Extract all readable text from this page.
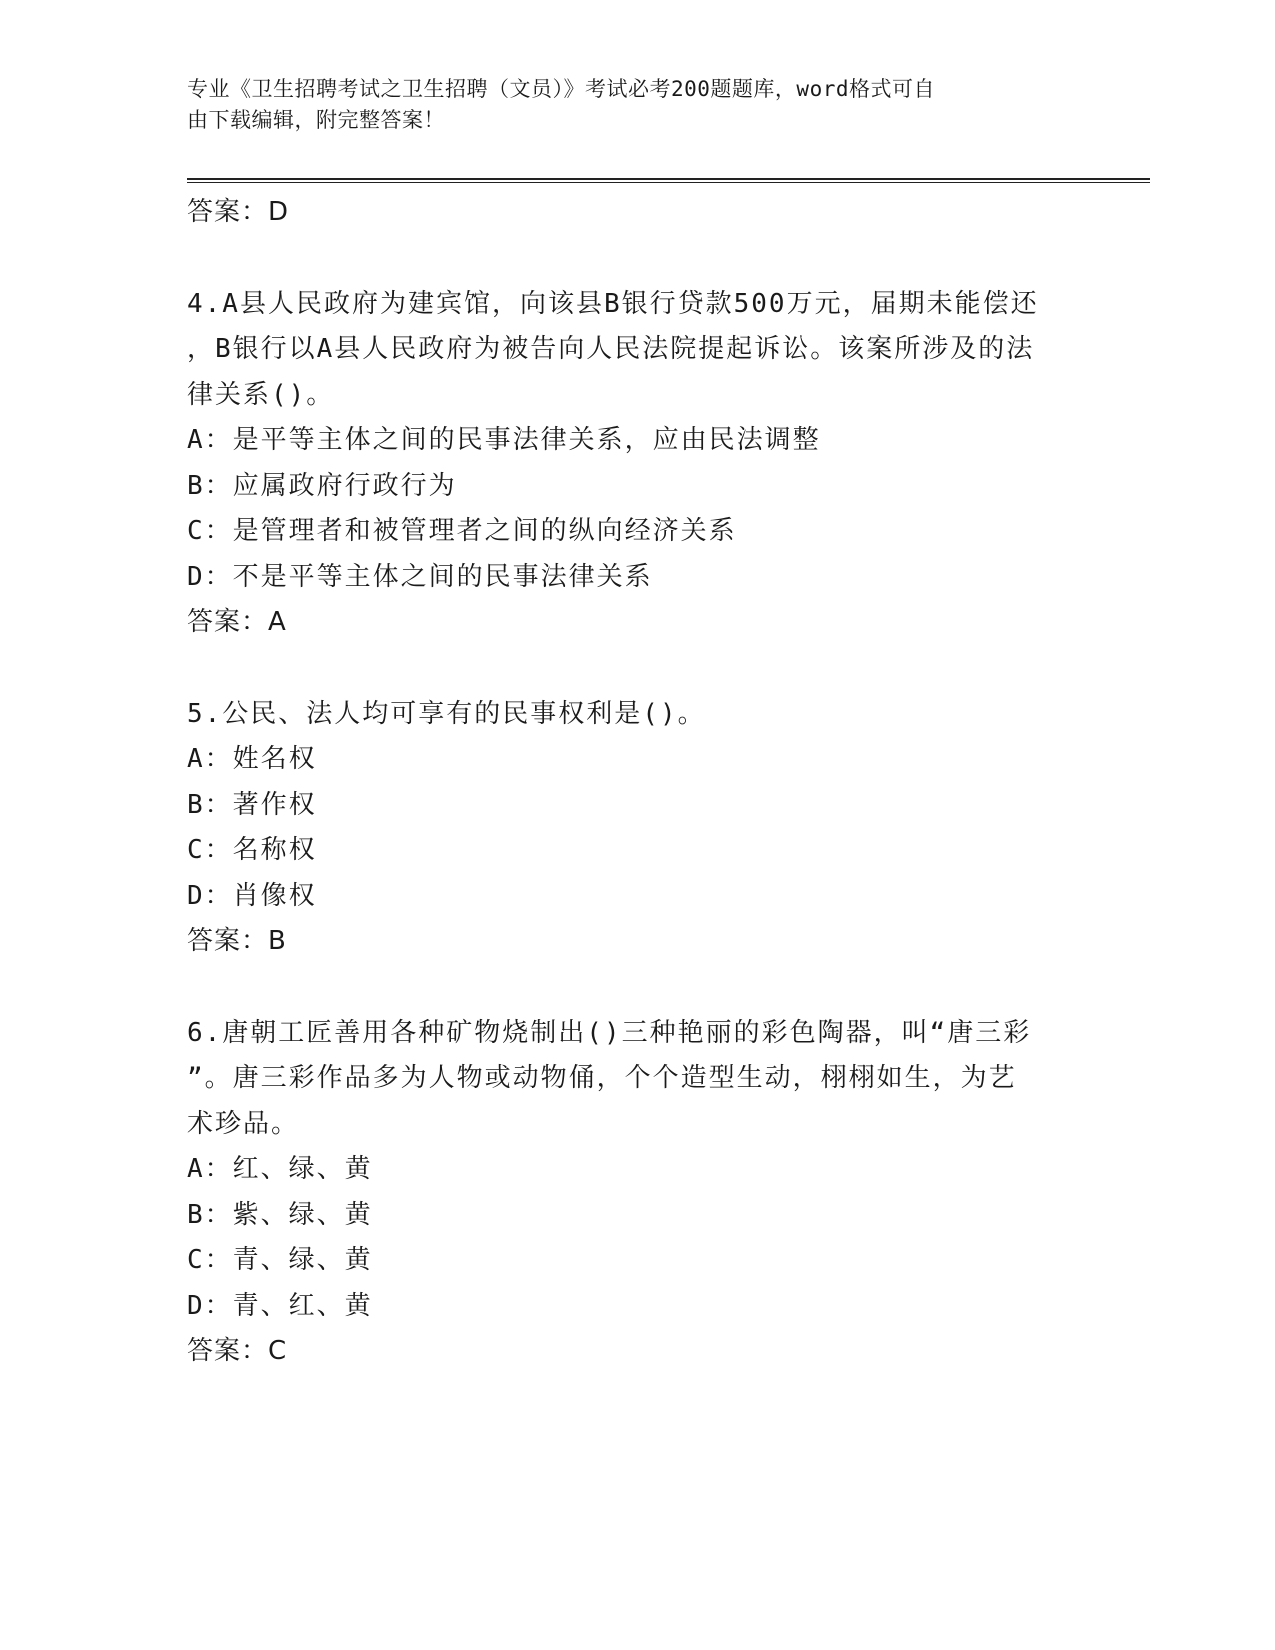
专业《卫生招聘考试之卫生招聘（文员）》考试必考200题题库，word格式可自
由下载编辑，附完整答案！
答案：D
4.A县人民政府为建宾馆，向该县B银行贷款500万元，届期未能偿还
，B银行以A县人民政府为被告向人民法院提起诉讼。该案所涉及的法
律关系()。
A：是平等主体之间的民事法律关系，应由民法调整
B：应属政府行政行为
C：是管理者和被管理者之间的纵向经济关系
D：不是平等主体之间的民事法律关系
答案：A
5.公民、法人均可享有的民事权利是()。
A：姓名权
B：著作权
C：名称权
D：肖像权
答案：B
6.唐朝工匠善用各种矿物烧制出()三种艳丽的彩色陶器，叫“唐三彩
”。唐三彩作品多为人物或动物俑，个个造型生动，栩栩如生，为艺
术珍品。
A：红、绿、黄
B：紫、绿、黄
C：青、绿、黄
D：青、红、黄
答案：C
